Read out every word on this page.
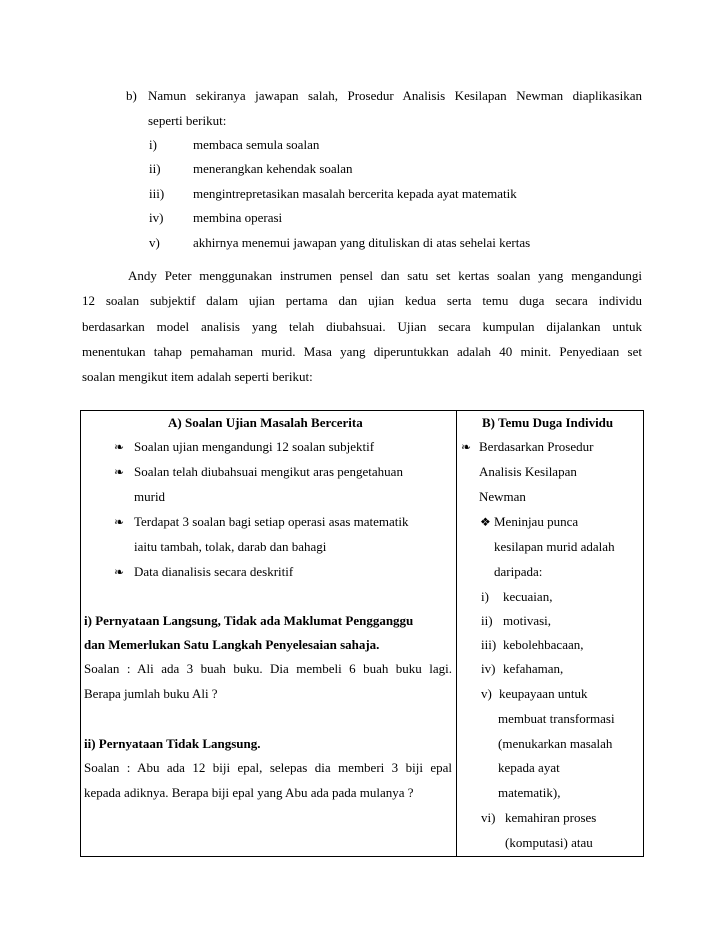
b) Namun sekiranya jawapan salah, Prosedur Analisis Kesilapan Newman diaplikasikan
seperti berikut:
i)	membaca semula soalan
ii) menerangkan kehendak soalan
iii) mengintrepretasikan masalah bercerita kepada ayat matematik
iv) membina operasi
v)	akhirnya menemui jawapan yang dituliskan di atas sehelai kertas
Andy Peter menggunakan instrumen pensel dan satu set kertas soalan yang mengandungi
12 soalan subjektif dalam ujian pertama dan ujian kedua serta temu duga secara individu
berdasarkan model analisis yang telah diubahsuai. Ujian secara kumpulan dijalankan untuk
menentukan tahap pemahaman murid. Masa yang diperuntukkan adalah 40 minit. Penyediaan set
soalan mengikut item adalah seperti berikut:
A) Soalan Ujian Masalah Bercerita
❧ Soalan ujian mengandungi 12 soalan subjektif
❧ Soalan telah diubahsuai mengikut aras pengetahuan
murid
❧ Terdapat 3 soalan bagi setiap operasi asas matematik
iaitu tambah, tolak, darab dan bahagi
❧ Data dianalisis secara deskritif
i) Pernyataan Langsung, Tidak ada Maklumat Pengganggu
dan Memerlukan Satu Langkah Penyelesaian sahaja.
Soalan : Ali ada 3 buah buku. Dia membeli 6 buah buku lagi.
Berapa jumlah buku Ali ?
ii) Pernyataan Tidak Langsung.
Soalan : Abu ada 12 biji epal, selepas dia memberi 3 biji epal
kepada adiknya. Berapa biji epal yang Abu ada pada mulanya ?
B) Temu Duga Individu
❧ Berdasarkan Prosedur
Analisis Kesilapan
Newman
❖ Meninjau punca
kesilapan murid adalah
daripada:
i) kecuaian,
ii) motivasi,
iii) kebolehbacaan,
iv) kefahaman,
v) keupayaan untuk
membuat transformasi
(menukarkan masalah
kepada ayat
matematik),
vi) kemahiran proses
(komputasi) atau
